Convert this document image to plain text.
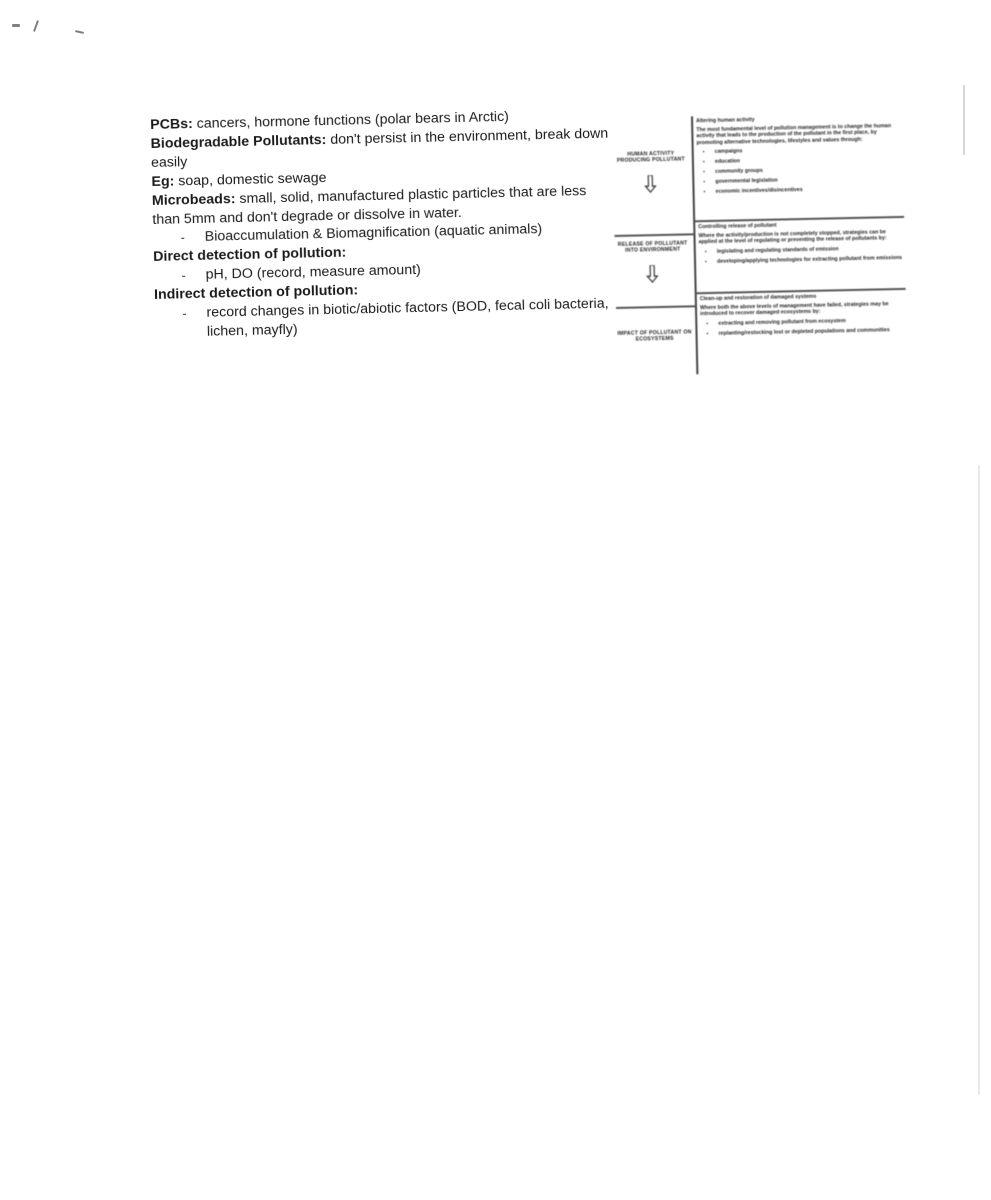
PCBs: cancers, hormone functions (polar bears in Arctic)

Biodegradable Pollutants: don't persist in the environment, break down easily

Eg: soap, domestic sewage

Microbeads: small, solid, manufactured plastic particles that are less than 5mm and don't degrade or dissolve in water.

- Bioaccumulation & Biomagnification (aquatic animals)

Direct detection of pollution:

- pH, DO (record, measure amount)

Indirect detection of pollution:

- record changes in biotic/abiotic factors (BOD, fecal coli bacteria, lichen, mayfly)

HUMAN ACTIVITY PRODUCING POLLUTANT
Altering human activity
The most fundamental level of pollution management is to change the human activity that leads to the production of the pollutant in the first place, by promoting alternative technologies, lifestyles and values through:
▪ campaigns
▪ education
▪ community groups
▪ governmental legislation
▪ economic incentives/disincentives
RELEASE OF POLLUTANT INTO ENVIRONMENT
Controlling release of pollutant
Where the activity/production is not completely stopped, strategies can be applied at the level of regulating or preventing the release of pollutants by:
▪ legislating and regulating standards of emission
▪ developing/applying technologies for extracting pollutant from emissions
IMPACT OF POLLUTANT ON ECOSYSTEMS
Clean-up and restoration of damaged systems
Where both the above levels of management have failed, strategies may be introduced to recover damaged ecosystems by:
▪ extracting and removing pollutant from ecosystem
▪ replanting/restocking lost or depleted populations and communities
